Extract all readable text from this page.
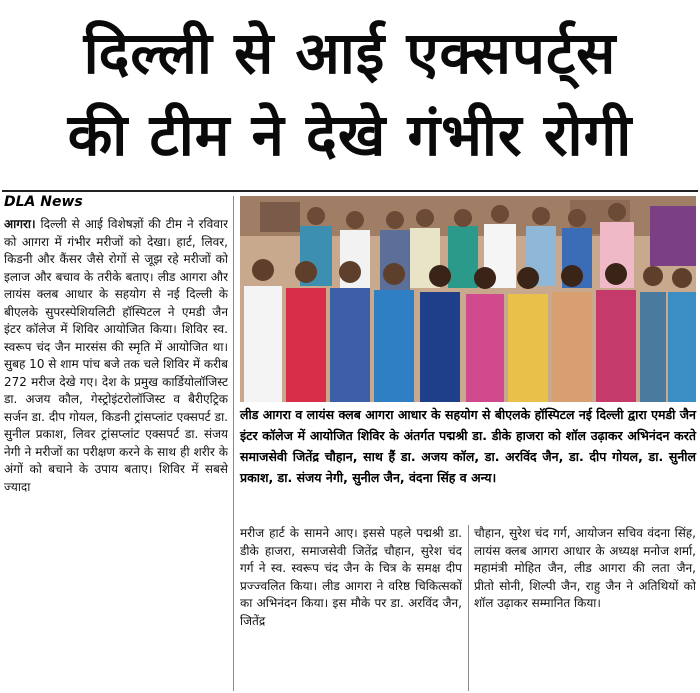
दिल्ली से आई एक्सपर्ट्स
की टीम ने देखे गंभीर रोगी
DLA News

आगरा। दिल्ली से आई विशेषज्ञों की टीम ने रविवार को आगरा में गंभीर मरीजों को देखा। हार्ट, लिवर, किडनी और कैंसर जैसे रोगों से जूझ रहे मरीजों को इलाज और बचाव के तरीके बताए। लीड आगरा और लायंस क्लब आधार के सहयोग से नई दिल्ली के बीएलके सुपरस्पेशियलिटी हॉस्पिटल ने एमडी जैन इंटर कॉलेज में शिविर आयोजित किया। शिविर स्व. स्वरूप चंद जैन मारसंस की स्मृति में आयोजित था। सुबह 10 से शाम पांच बजे तक चले शिविर में करीब 272 मरीज देखे गए। देश के प्रमुख कार्डियोलॉजिस्ट डा. अजय कौल, गेस्ट्रोइंटरोलॉजिस्ट व बैरीएट्रिक सर्जन डा. दीप गोयल, किडनी ट्रांसप्लांट एक्सपर्ट डा. सुनील प्रकाश, लिवर ट्रांसप्लांट एक्सपर्ट डा. संजय नेगी ने मरीजों का परीक्षण करने के साथ ही शरीर के अंगों को बचाने के उपाय बताए। शिविर में सबसे ज्यादा

लीड आगरा व लायंस क्लब आगरा आधार के सहयोग से बीएलके हॉस्पिटल नई दिल्ली द्वारा एमडी जैन इंटर कॉलेज में आयोजित शिविर के अंतर्गत पद्मश्री डा. डीके हाजरा को शॉल उढ़ाकर अभिनंदन करते समाजसेवी जितेंद्र चौहान, साथ हैं डा. अजय कॉल, डा. अरविंद जैन, डा. दीप गोयल, डा. सुनील प्रकाश, डा. संजय नेगी, सुनील जैन, वंदना सिंह व अन्य।

मरीज हार्ट के सामने आए। इससे पहले पद्मश्री डा. डीके हाजरा, समाजसेवी जितेंद्र चौहान, सुरेश चंद गर्ग ने स्व. स्वरूप चंद जैन के चित्र के समक्ष दीप प्रज्ज्वलित किया। लीड आगरा ने वरिष्ठ चिकित्सकों का अभिनंदन किया। इस मौके पर डा. अरविंद जैन, जितेंद्र

चौहान, सुरेश चंद गर्ग, आयोजन सचिव वंदना सिंह, लायंस क्लब आगरा आधार के अध्यक्ष मनोज शर्मा, महामंत्री मोहित जैन, लीड आगरा की लता जैन, प्रीतो सोनी, शिल्पी जैन, राहु जैन ने अतिथियों को शॉल उढ़ाकर सम्मानित किया।
